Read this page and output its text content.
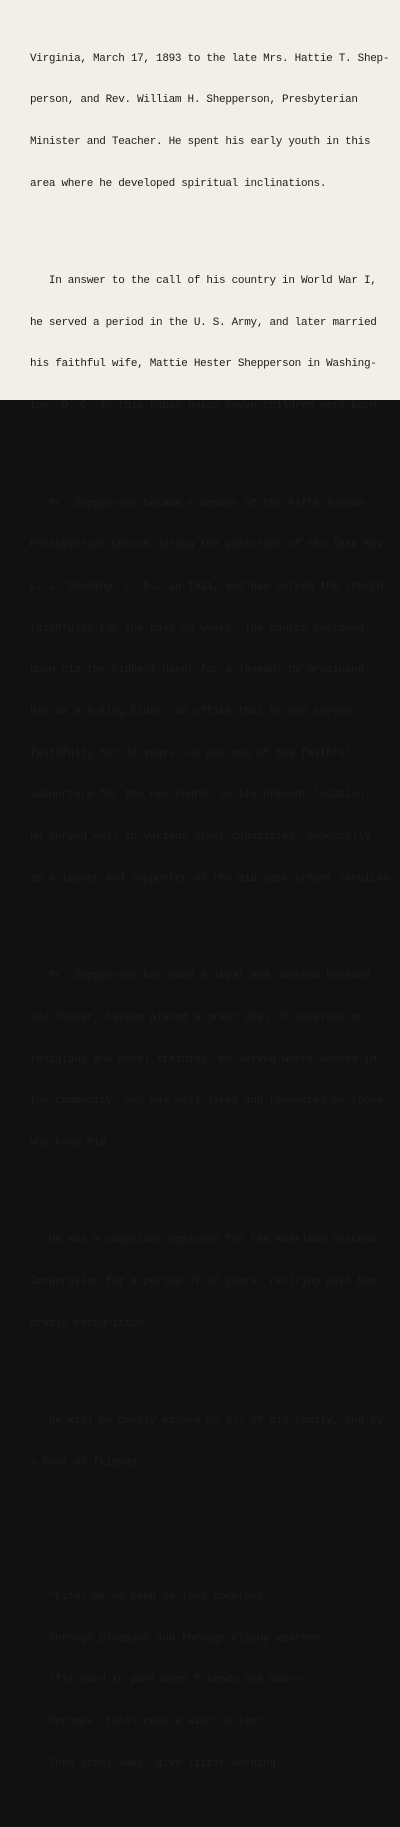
Virginia, March 17, 1893 to the late Mrs. Hattie T. Shep-

person, and Rev. William H. Shepperson, Presbyterian

Minister and Teacher. He spent his early youth in this

area where he developed spiritual inclinations.

In answer to the call of his country in World War I,

he served a period in the U. S. Army, and later married

his faithful wife, Mattie Hester Shepperson in Washing-

ton, D. C. To this happy union seven children were born.

Mr. Shepperson became a member of the Fifth Avenue

Presbyterian Church during the pastorate of the late Rev.

L. L. Downing, D. D., in 1921, and has served the church

faithfully for the past 40 years. The church bestowed

upon him the highest honor for a layman, by ordaining

him as a Ruling Elder, an office that he has served

faithfully for 32 years. He was one of the faithful

supporters for the new church in its present location.

He served well in various other capacities, especially

as a leader and supporter of the mid-week prayer services.

Mr. Shepperson has been a loyal and devoted husband

and father, having placed a great deal of interest on

religious and moral training. He served where needed in

the community, and was well liked and respected by those

who knew him.

He was a competent employee for the American Viscose

Corporation for a period of 37 years, retiring with hon-

orable recognition.

He will be deeply missed by all of his family, and by

a host of friends.

"Life! We've been so long together,

Through pleasant and through cloudy weather,

'Tis hard to part when friends are dear—

Perhaps 'twill cost a sigh, a tear;

Then steal away, give little warning,
